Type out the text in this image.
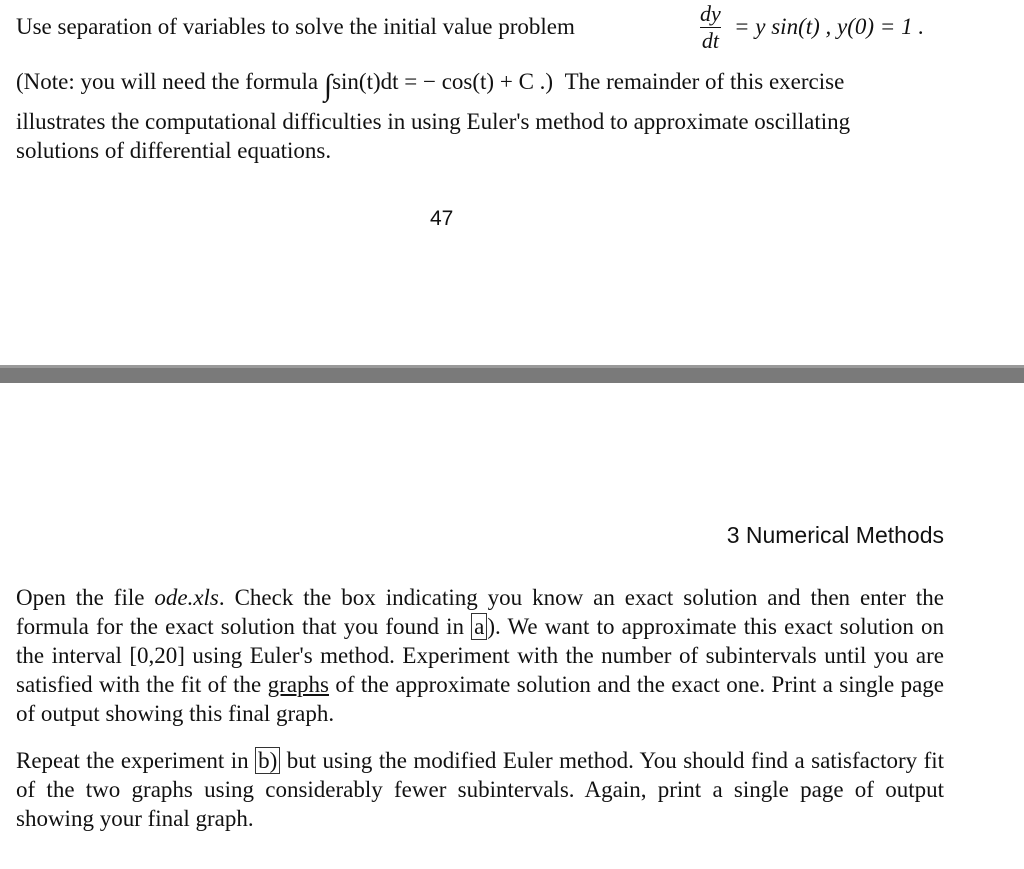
Use separation of variables to solve the initial value problem
dy
dt
= y sin(t) , y(0) = 1 .
(Note: you will need the formula ∫sin(t)dt = − cos(t) + C .) The remainder of this exercise
illustrates the computational difficulties in using Euler's method to approximate oscillating
solutions of differential equations.
47
3 Numerical Methods
Open the file ode.xls. Check the box indicating you know an exact solution and then enter the formula for the exact solution that you found in a ). We want to approximate this exact solution on the interval [0,20] using Euler's method. Experiment with the number of subintervals until you are satisfied with the fit of the graphs of the approximate solution and the exact one. Print a single page of output showing this final graph.
Repeat the experiment in b) but using the modified Euler method. You should find a satisfactory fit of the two graphs using considerably fewer subintervals. Again, print a single page of output showing your final graph.
